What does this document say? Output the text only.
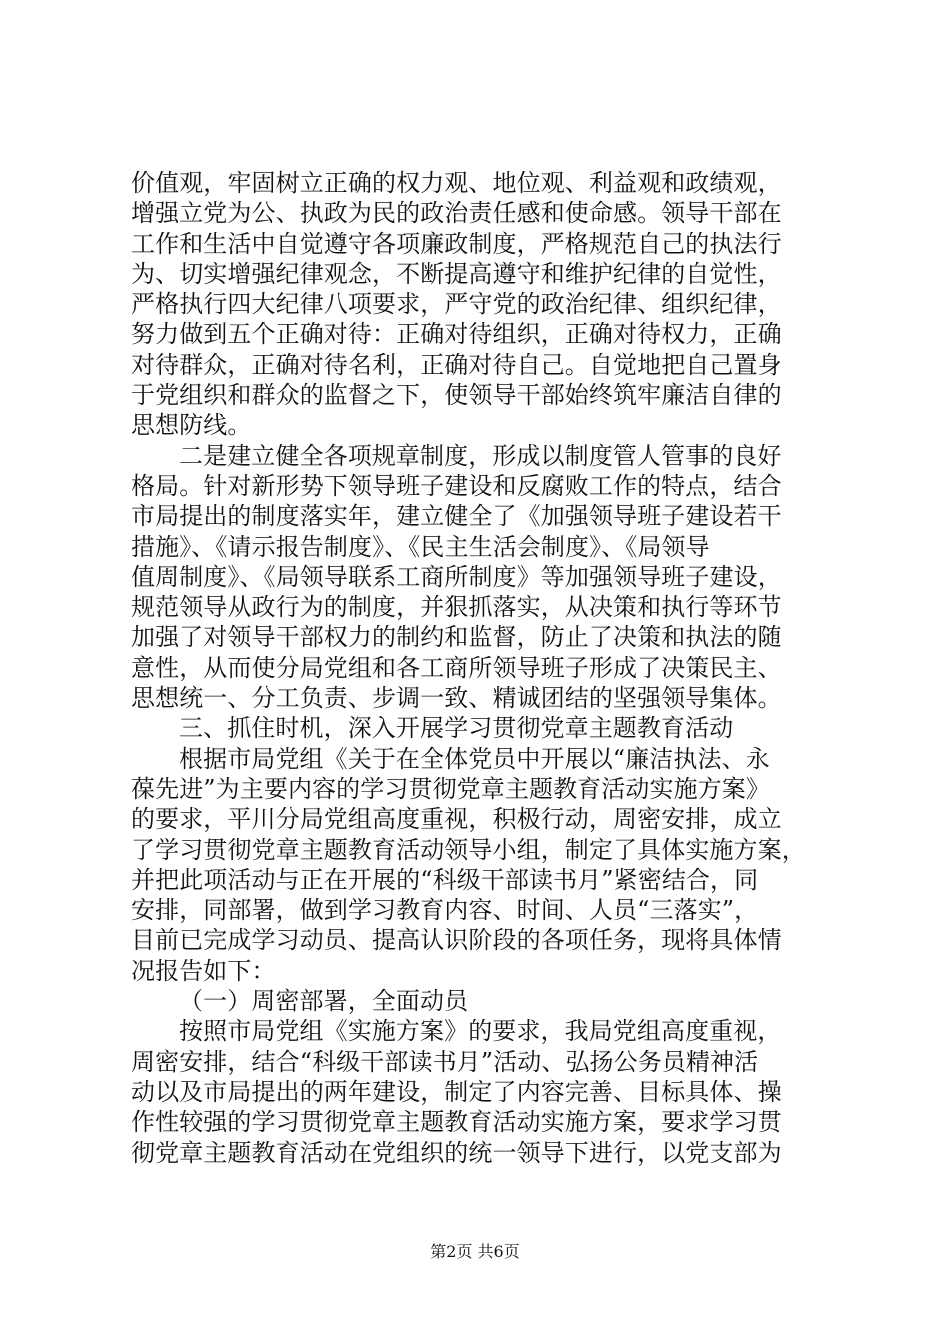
价值观，牢固树立正确的权力观、地位观、利益观和政绩观，
增强立党为公、执政为民的政治责任感和使命感。领导干部在
工作和生活中自觉遵守各项廉政制度，严格规范自己的执法行
为、切实增强纪律观念，不断提高遵守和维护纪律的自觉性，
严格执行四大纪律八项要求，严守党的政治纪律、组织纪律，
努力做到五个正确对待：正确对待组织，正确对待权力，正确
对待群众，正确对待名利，正确对待自己。自觉地把自己置身
于党组织和群众的监督之下，使领导干部始终筑牢廉洁自律的
思想防线。
二是建立健全各项规章制度，形成以制度管人管事的良好
格局。针对新形势下领导班子建设和反腐败工作的特点，结合
市局提出的制度落实年，建立健全了《加强领导班子建设若干
措施》、《请示报告制度》、《民主生活会制度》、《局领导
值周制度》、《局领导联系工商所制度》等加强领导班子建设，
规范领导从政行为的制度，并狠抓落实，从决策和执行等环节
加强了对领导干部权力的制约和监督，防止了决策和执法的随
意性，从而使分局党组和各工商所领导班子形成了决策民主、
思想统一、分工负责、步调一致、精诚团结的坚强领导集体。
三、抓住时机，深入开展学习贯彻党章主题教育活动
根据市局党组《关于在全体党员中开展以“廉洁执法、永
葆先进”为主要内容的学习贯彻党章主题教育活动实施方案》
的要求，平川分局党组高度重视，积极行动，周密安排，成立
了学习贯彻党章主题教育活动领导小组，制定了具体实施方案，
并把此项活动与正在开展的“科级干部读书月”紧密结合，同
安排，同部署，做到学习教育内容、时间、人员“三落实”，
目前已完成学习动员、提高认识阶段的各项任务，现将具体情
况报告如下：
（一）周密部署，全面动员
按照市局党组《实施方案》的要求，我局党组高度重视，
周密安排，结合“科级干部读书月”活动、弘扬公务员精神活
动以及市局提出的两年建设，制定了内容完善、目标具体、操
作性较强的学习贯彻党章主题教育活动实施方案，要求学习贯
彻党章主题教育活动在党组织的统一领导下进行，以党支部为
第2页 共6页
